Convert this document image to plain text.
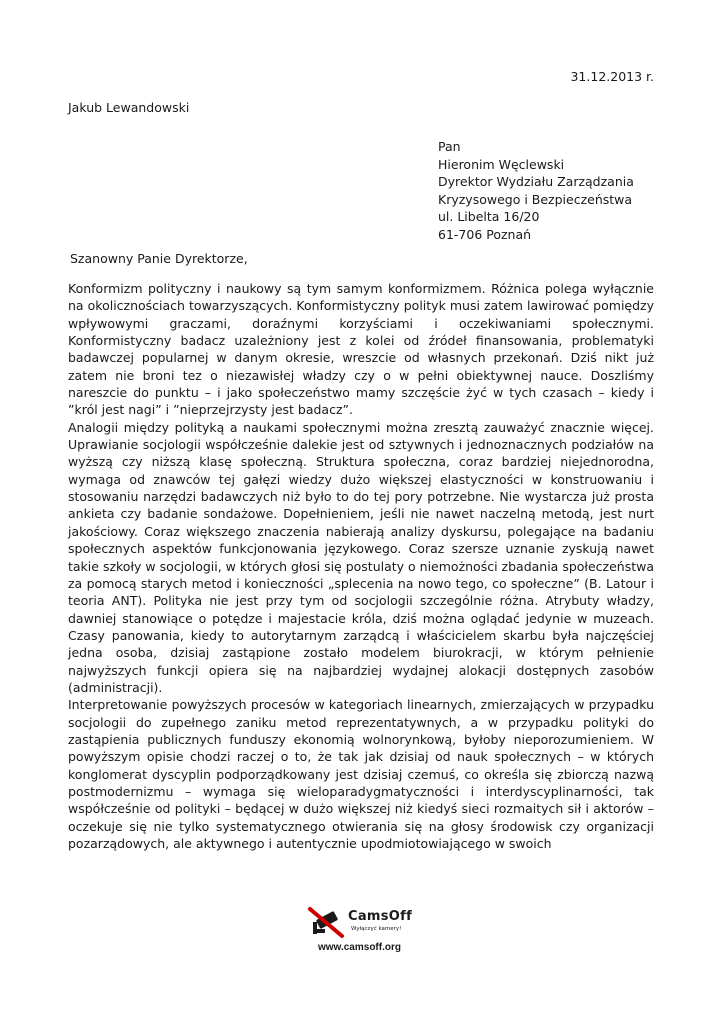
31.12.2013 r.
Jakub Lewandowski
Pan
Hieronim Węclewski
Dyrektor Wydziału Zarządzania
Kryzysowego i Bezpieczeństwa
ul. Libelta 16/20
61-706 Poznań
Szanowny Panie Dyrektorze,

Konformizm polityczny i naukowy są tym samym konformizmem. Różnica polega wyłącznie na okolicznościach towarzyszących. Konformistyczny polityk musi zatem lawirować pomiędzy wpływowymi graczami, doraźnymi korzyściami i oczekiwaniami społecznymi. Konformistyczny badacz uzależniony jest z kolei od źródeł finansowania, problematyki badawczej popularnej w danym okresie, wreszcie od własnych przekonań. Dziś nikt już zatem nie broni tez o niezawisłej władzy czy o w pełni obiektywnej nauce. Doszliśmy nareszcie do punktu – i jako społeczeństwo mamy szczęście żyć w tych czasach – kiedy i ”król jest nagi” i ”nieprzejrzysty jest badacz”.

Analogii między polityką a naukami społecznymi można zresztą zauważyć znacznie więcej. Uprawianie socjologii współcześnie dalekie jest od sztywnych i jednoznacznych podziałów na wyższą czy niższą klasę społeczną. Struktura społeczna, coraz bardziej niejednorodna, wymaga od znawców tej gałęzi wiedzy dużo większej elastyczności w konstruowaniu i stosowaniu narzędzi badawczych niż było to do tej pory potrzebne. Nie wystarcza już prosta ankieta czy badanie sondażowe. Dopełnieniem, jeśli nie nawet naczelną metodą, jest nurt jakościowy. Coraz większego znaczenia nabierają analizy dyskursu, polegające na badaniu społecznych aspektów funkcjonowania językowego. Coraz szersze uznanie zyskują nawet takie szkoły w socjologii, w których głosi się postulaty o niemożności zbadania społeczeństwa za pomocą starych metod i konieczności „splecenia na nowo tego, co społeczne” (B. Latour i teoria ANT). Polityka nie jest przy tym od socjologii szczególnie różna. Atrybuty władzy, dawniej stanowiące o potędze i majestacie króla, dziś można oglądać jedynie w muzeach. Czasy panowania, kiedy to autorytarnym zarządcą i właścicielem skarbu była najczęściej jedna osoba, dzisiaj zastąpione zostało modelem biurokracji, w którym pełnienie najwyższych funkcji opiera się na najbardziej wydajnej alokacji dostępnych zasobów (administracji).

Interpretowanie powyższych procesów w kategoriach linearnych, zmierzających w przypadku socjologii do zupełnego zaniku metod reprezentatywnych, a w przypadku polityki do zastąpienia publicznych funduszy ekonomią wolnorynkową, byłoby nieporozumieniem. W powyższym opisie chodzi raczej o to, że tak jak dzisiaj od nauk społecznych – w których konglomerat dyscyplin podporządkowany jest dzisiaj czemuś, co określa się zbiorczą nazwą postmodernizmu – wymaga się wieloparadygmatyczności i interdyscyplinarności, tak współcześnie od polityki – będącej w dużo większej niż kiedyś sieci rozmaitych sił i aktorów – oczekuje się nie tylko systematycznego otwierania się na głosy środowisk czy organizacji pozarządowych, ale aktywnego i autentycznie upodmiotowiającego w swoich

CamsOff
Wyłączyć kamery!
www.camsoff.org
